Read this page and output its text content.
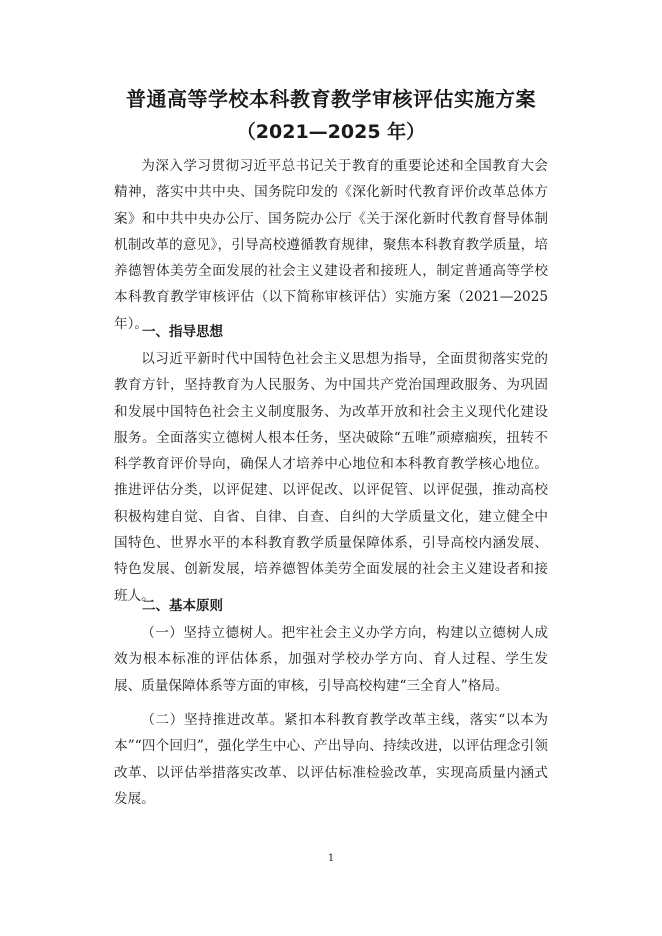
普通高等学校本科教育教学审核评估实施方案
（2021—2025 年）

为深入学习贯彻习近平总书记关于教育的重要论述和全国教育大会精神，落实中共中央、国务院印发的《深化新时代教育评价改革总体方案》和中共中央办公厅、国务院办公厅《关于深化新时代教育督导体制机制改革的意见》，引导高校遵循教育规律，聚焦本科教育教学质量，培养德智体美劳全面发展的社会主义建设者和接班人，制定普通高等学校本科教育教学审核评估（以下简称审核评估）实施方案（2021—2025 年）。

一、指导思想

以习近平新时代中国特色社会主义思想为指导，全面贯彻落实党的教育方针，坚持教育为人民服务、为中国共产党治国理政服务、为巩固和发展中国特色社会主义制度服务、为改革开放和社会主义现代化建设服务。全面落实立德树人根本任务，坚决破除“五唯”顽瘴痼疾，扭转不科学教育评价导向，确保人才培养中心地位和本科教育教学核心地位。推进评估分类，以评促建、以评促改、以评促管、以评促强，推动高校积极构建自觉、自省、自律、自查、自纠的大学质量文化，建立健全中国特色、世界水平的本科教育教学质量保障体系，引导高校内涵发展、特色发展、创新发展，培养德智体美劳全面发展的社会主义建设者和接班人。

二、基本原则

（一）坚持立德树人。把牢社会主义办学方向，构建以立德树人成效为根本标准的评估体系，加强对学校办学方向、育人过程、学生发展、质量保障体系等方面的审核，引导高校构建“三全育人”格局。

（二）坚持推进改革。紧扣本科教育教学改革主线，落实“以本为本”“四个回归”，强化学生中心、产出导向、持续改进，以评估理念引领改革、以评估举措落实改革、以评估标准检验改革，实现高质量内涵式发展。

1
